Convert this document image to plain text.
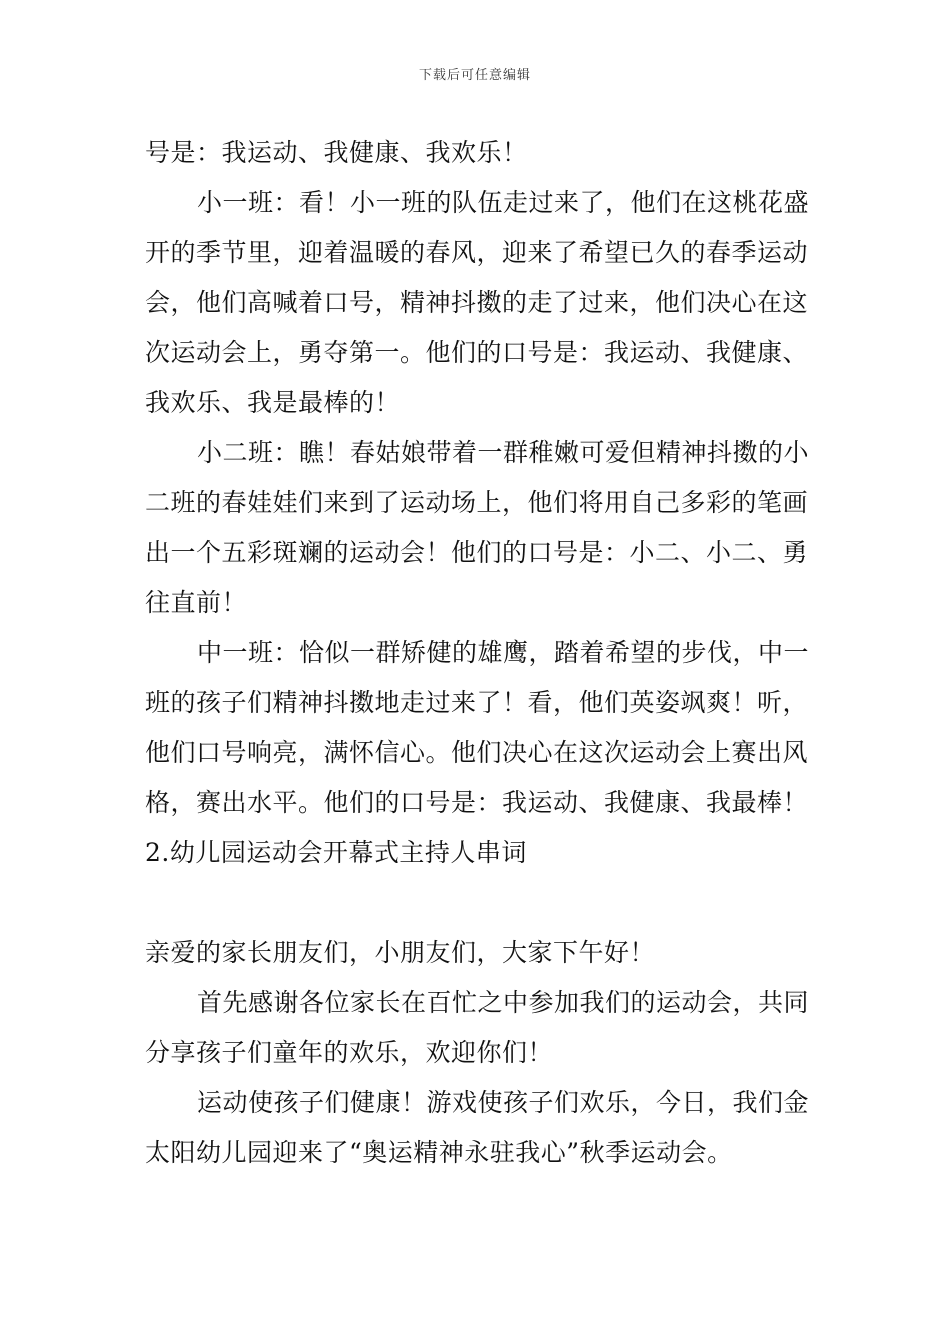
下载后可任意编辑

号是：我运动、我健康、我欢乐！

小一班：看！小一班的队伍走过来了，他们在这桃花盛开的季节里，迎着温暖的春风，迎来了希望已久的春季运动会，他们高喊着口号，精神抖擞的走了过来，他们决心在这次运动会上，勇夺第一。他们的口号是：我运动、我健康、我欢乐、我是最棒的！

小二班：瞧！春姑娘带着一群稚嫩可爱但精神抖擞的小二班的春娃娃们来到了运动场上，他们将用自己多彩的笔画出一个五彩斑斓的运动会！他们的口号是：小二、小二、勇往直前！

中一班：恰似一群矫健的雄鹰，踏着希望的步伐，中一班的孩子们精神抖擞地走过来了！看，他们英姿飒爽！听，他们口号响亮，满怀信心。他们决心在这次运动会上赛出风格，赛出水平。他们的口号是：我运动、我健康、我最棒！

2.幼儿园运动会开幕式主持人串词

亲爱的家长朋友们，小朋友们，大家下午好！

首先感谢各位家长在百忙之中参加我们的运动会，共同分享孩子们童年的欢乐，欢迎你们！

运动使孩子们健康！游戏使孩子们欢乐，今日，我们金太阳幼儿园迎来了“奥运精神永驻我心”秋季运动会。
